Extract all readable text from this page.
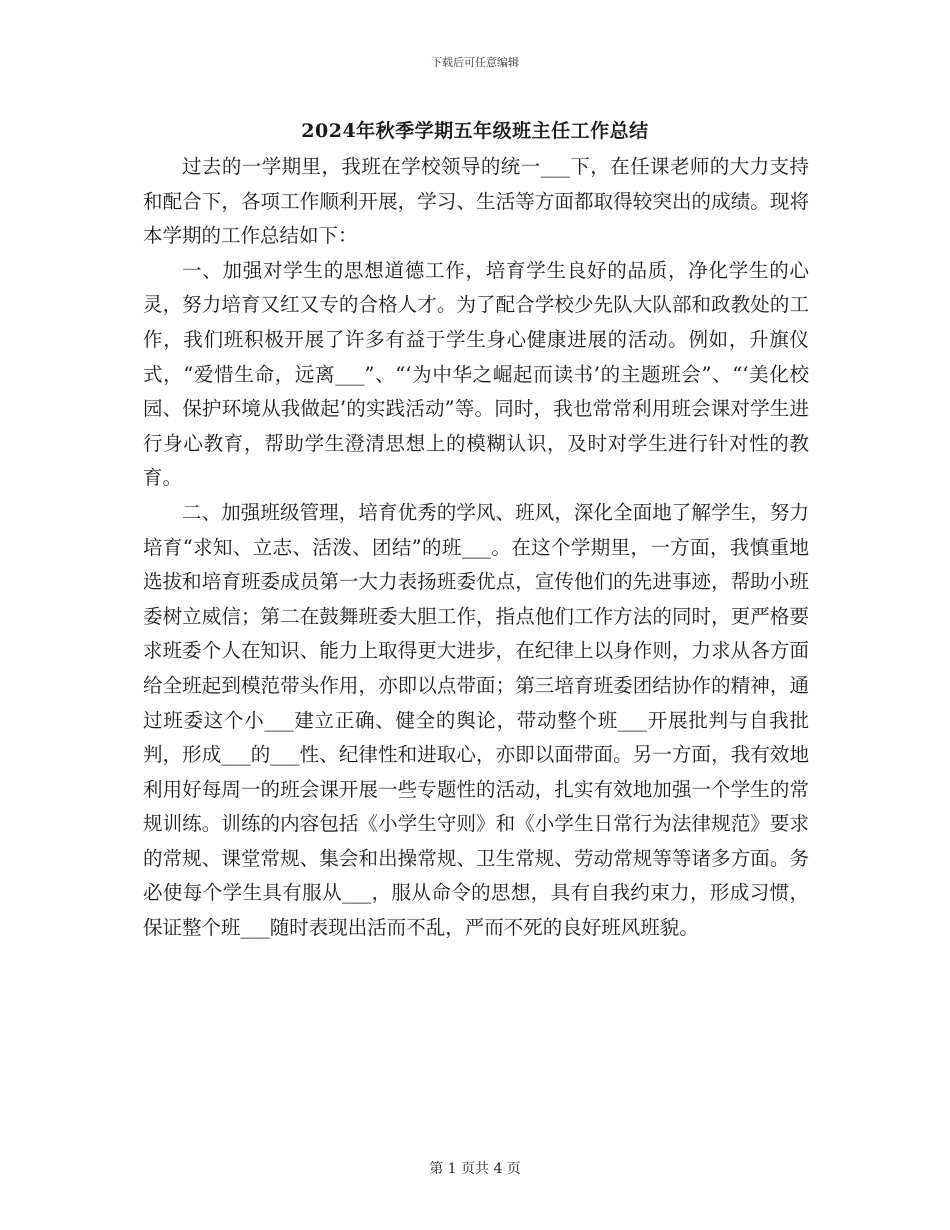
下载后可任意编辑
2024年秋季学期五年级班主任工作总结

过去的一学期里，我班在学校领导的统一___下，在任课老师的大力支持和配合下，各项工作顺利开展，学习、生活等方面都取得较突出的成绩。现将本学期的工作总结如下：

一、加强对学生的思想道德工作，培育学生良好的品质，净化学生的心灵，努力培育又红又专的合格人才。为了配合学校少先队大队部和政教处的工作，我们班积极开展了许多有益于学生身心健康进展的活动。例如，升旗仪式，“爱惜生命，远离___”、“‘为中华之崛起而读书’的主题班会”、“‘美化校园、保护环境从我做起’的实践活动”等。同时，我也常常利用班会课对学生进行身心教育，帮助学生澄清思想上的模糊认识，及时对学生进行针对性的教育。

二、加强班级管理，培育优秀的学风、班风，深化全面地了解学生，努力培育“求知、立志、活泼、团结”的班___。在这个学期里，一方面，我慎重地选拔和培育班委成员第一大力表扬班委优点，宣传他们的先进事迹，帮助小班委树立威信；第二在鼓舞班委大胆工作，指点他们工作方法的同时，更严格要求班委个人在知识、能力上取得更大进步，在纪律上以身作则，力求从各方面给全班起到模范带头作用，亦即以点带面；第三培育班委团结协作的精神，通过班委这个小___建立正确、健全的舆论，带动整个班___开展批判与自我批判，形成___的___性、纪律性和进取心，亦即以面带面。另一方面，我有效地利用好每周一的班会课开展一些专题性的活动，扎实有效地加强一个学生的常规训练。训练的内容包括《小学生守则》和《小学生日常行为法律规范》要求的常规、课堂常规、集会和出操常规、卫生常规、劳动常规等等诸多方面。务必使每个学生具有服从___，服从命令的思想，具有自我约束力，形成习惯，保证整个班___随时表现出活而不乱，严而不死的良好班风班貌。

第 1 页共 4 页
